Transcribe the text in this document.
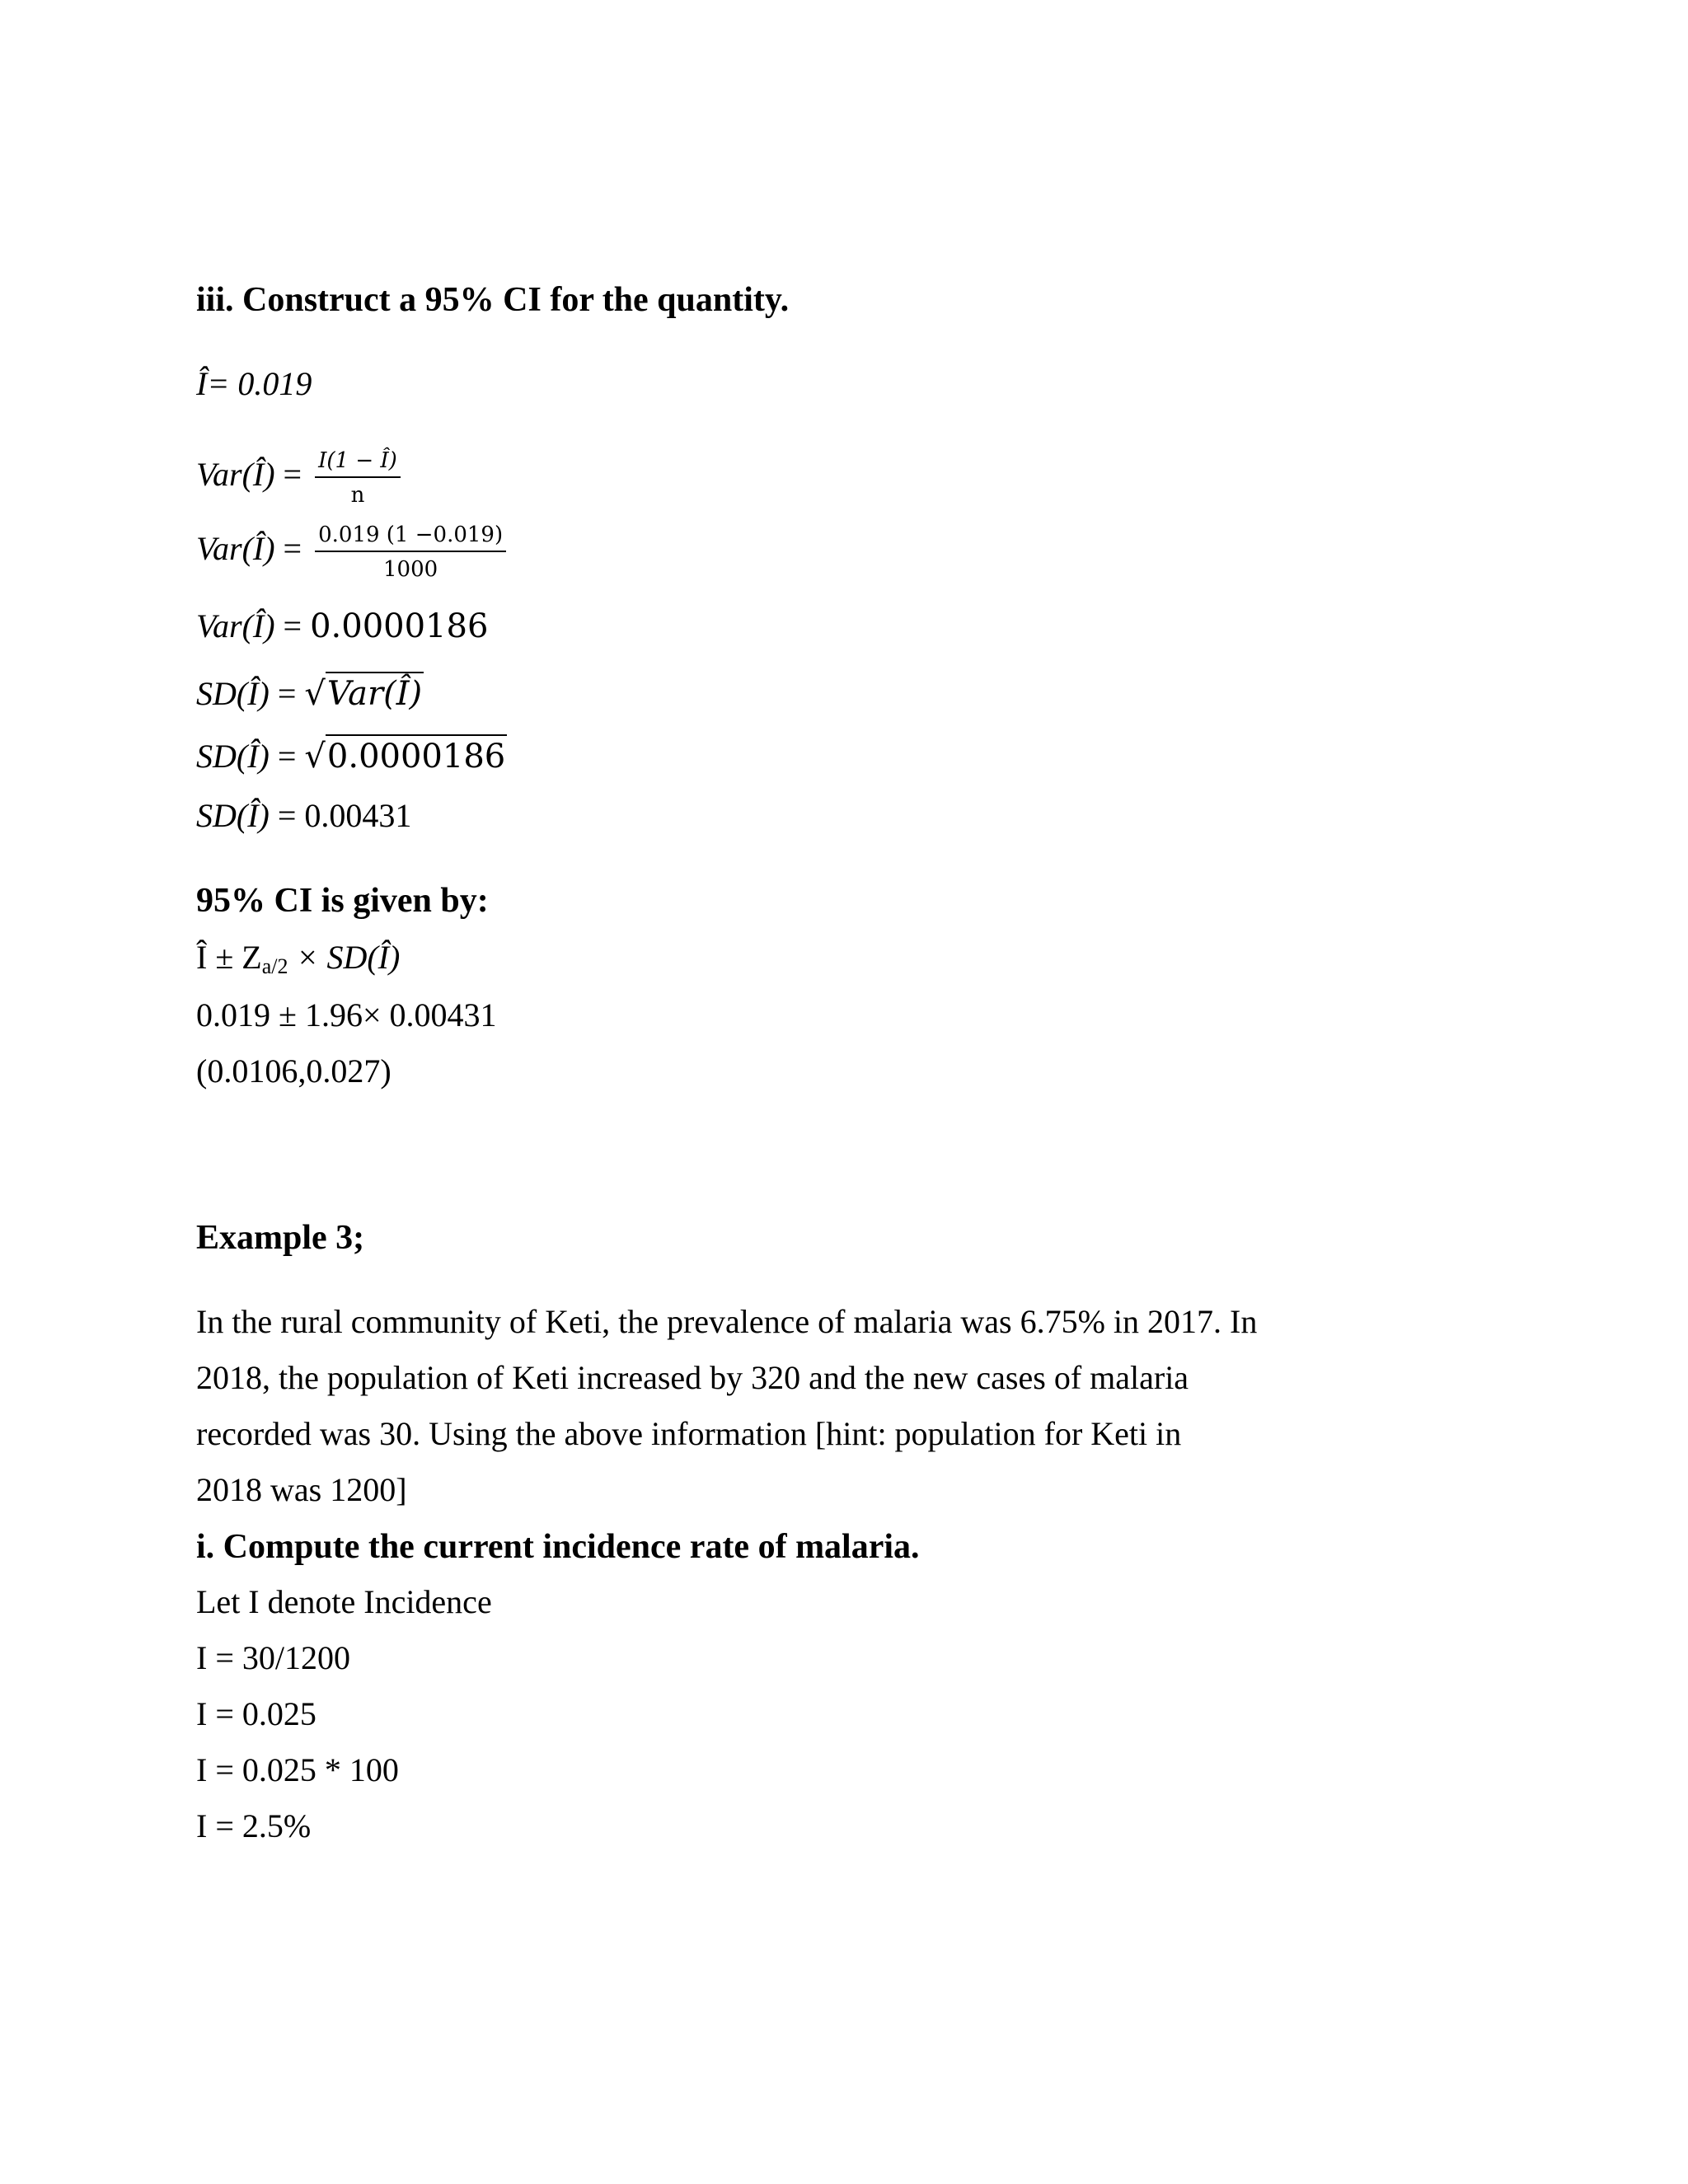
iii. Construct a 95% CI for the quantity.
Î= 0.019
Var(Î) = $\frac{I(1 - Î)}{n}$
Var(Î) = $\frac{0.019 (1 -0.019)}{1000}$
Var(Î) = 0.0000186
SD(Î) = √Var(Î)
SD(Î) = √0.0000186
SD(Î) = 0.00431
95% CI is given by:
Î ± $Z_{a/2}$ × SD(Î)
0.019 ± 1.96× 0.00431
(0.0106,0.027)
Example 3;
In the rural community of Keti, the prevalence of malaria was 6.75% in 2017. In
2018, the population of Keti increased by 320 and the new cases of malaria
recorded was 30. Using the above information [hint: population for Keti in
2018 was 1200]
i. Compute the current incidence rate of malaria.
Let I denote Incidence
I = 30/1200
I = 0.025
I = 0.025 * 100
I = 2.5%
